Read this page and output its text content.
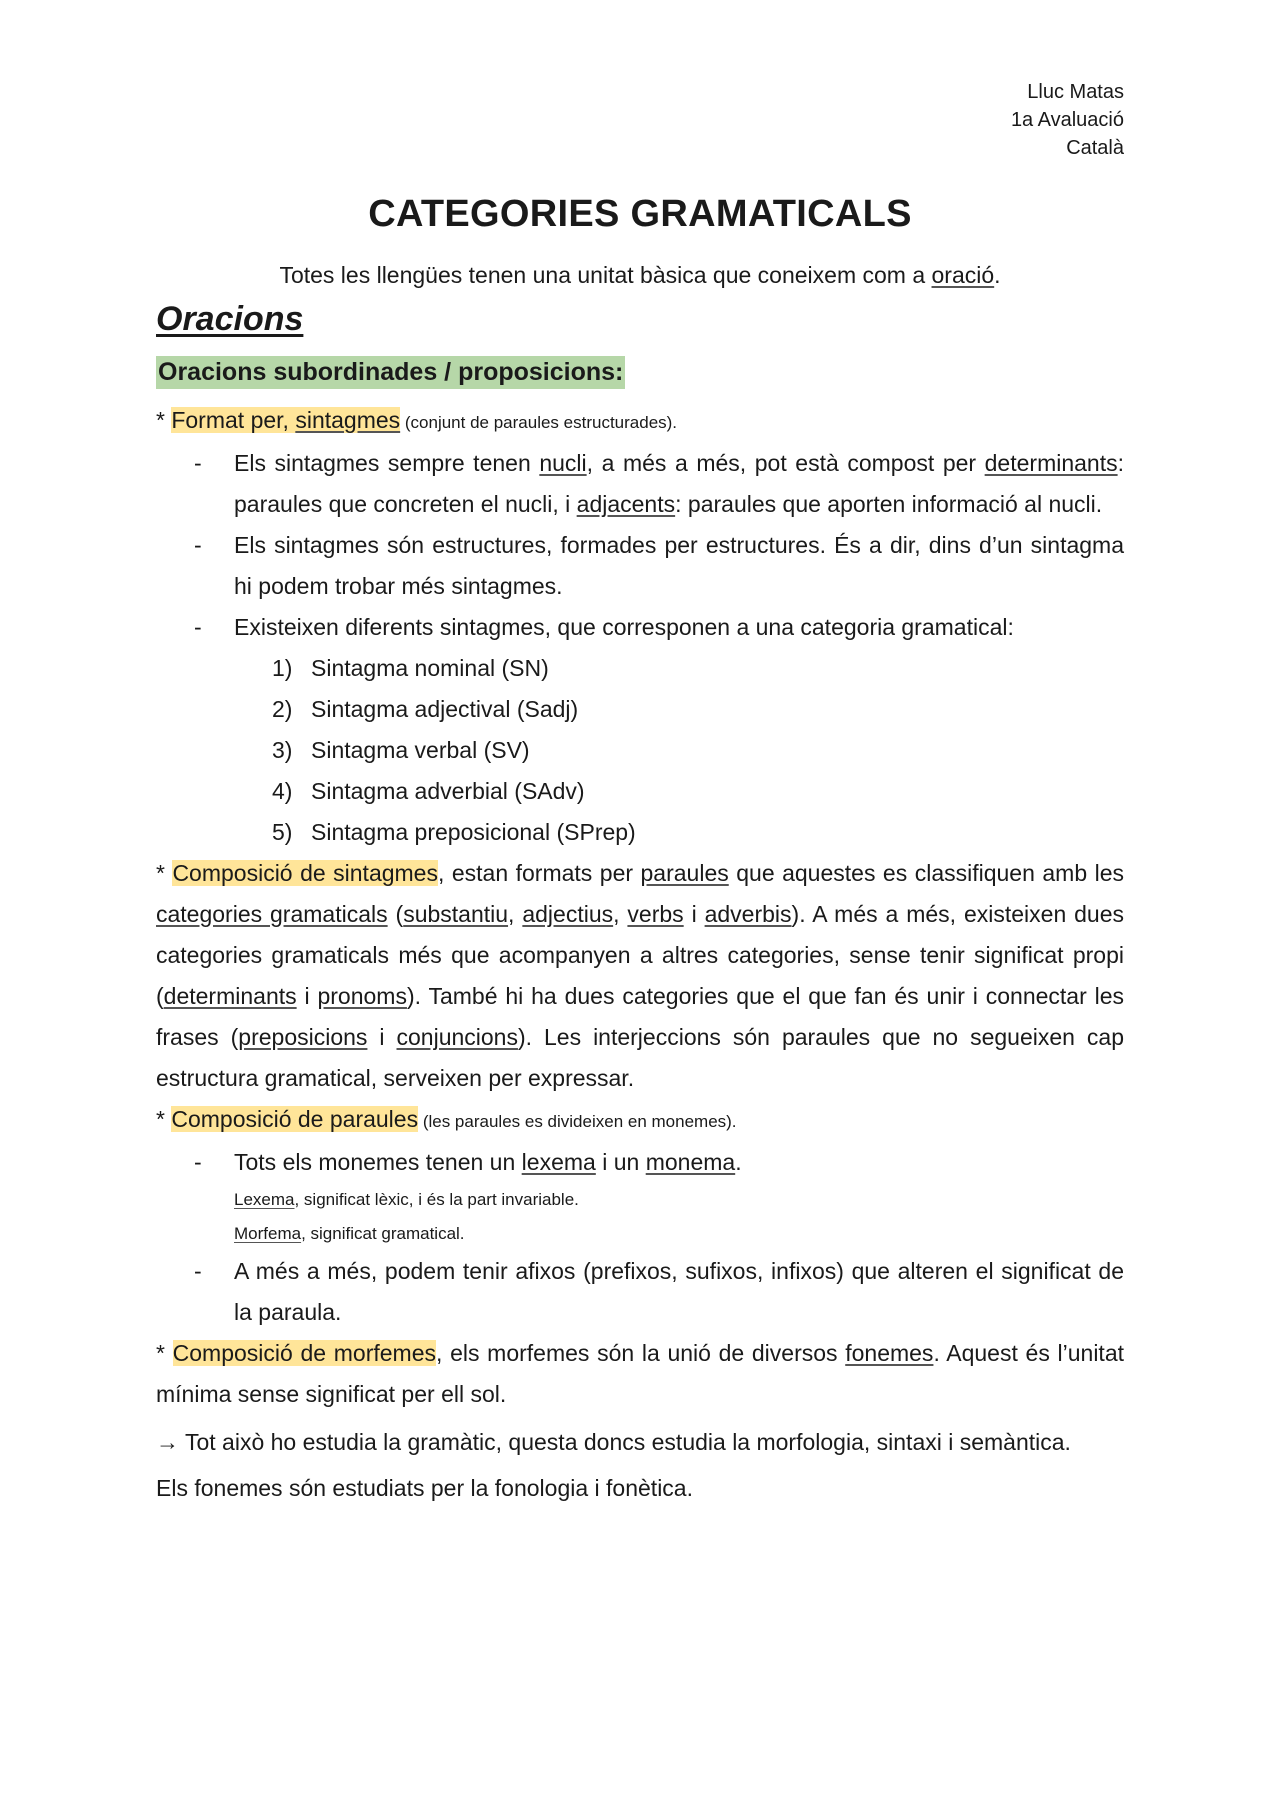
Lluc Matas
1a Avaluació
Català
CATEGORIES GRAMATICALS
Totes les llengües tenen una unitat bàsica que coneixem com a oració.
Oracions
Oracions subordinades / proposicions:

* Format per, sintagmes (conjunt de paraules estructurades).

- Els sintagmes sempre tenen nucli, a més a més, pot està compost per determinants: paraules que concreten el nucli, i adjacents: paraules que aporten informació al nucli.
- Els sintagmes són estructures, formades per estructures. És a dir, dins d’un sintagma hi podem trobar més sintagmes.
- Existeixen diferents sintagmes, que corresponen a una categoria gramatical:
1) Sintagma nominal (SN)
2) Sintagma adjectival (Sadj)
3) Sintagma verbal (SV)
4) Sintagma adverbial (SAdv)
5) Sintagma preposicional (SPrep)

* Composició de sintagmes, estan formats per paraules que aquestes es classifiquen amb les categories gramaticals (substantiu, adjectius, verbs i adverbis). A més a més, existeixen dues categories gramaticals més que acompanyen a altres categories, sense tenir significat propi (determinants i pronoms). També hi ha dues categories que el que fan és unir i connectar les frases (preposicions i conjuncions). Les interjeccions són paraules que no segueixen cap estructura gramatical, serveixen per expressar.

* Composició de paraules (les paraules es divideixen en monemes).

- Tots els monemes tenen un lexema i un monema.
Lexema, significat lèxic, i és la part invariable.
Morfema, significat gramatical.
- A més a més, podem tenir afixos (prefixos, sufixos, infixos) que alteren el significat de la paraula.

* Composició de morfemes, els morfemes són la unió de diversos fonemes. Aquest és l’unitat mínima sense significat per ell sol.

→ Tot això ho estudia la gramàtic, questa doncs estudia la morfologia, sintaxi i semàntica.

Els fonemes són estudiats per la fonologia i fonètica.
